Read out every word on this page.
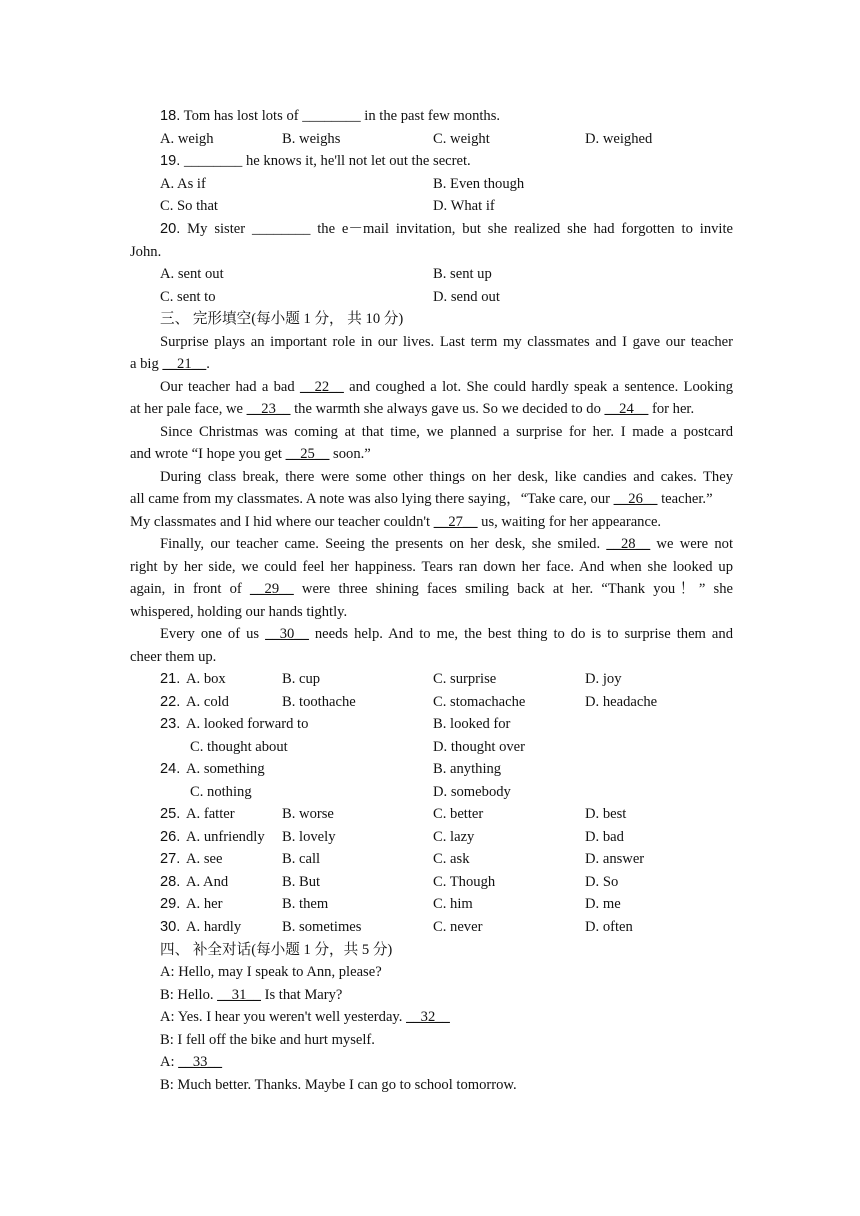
18. Tom has lost lots of ________ in the past few months.
A. weigh	B. weighs	C. weight	D. weighed
19. ________ he knows it, he'll not let out the secret.
A. As if	B. Even though
C. So that	D. What if
20. My sister ________ the e－mail invitation, but she realized she had forgotten to invite
John.
A. sent out	B. sent up
C. sent to	D. send out
三、 完形填空(每小题 1 分， 共 10 分)
Surprise plays an important role in our lives. Last term my classmates and I gave our teacher
a big __21__.
Our teacher had a bad __22__ and coughed a lot. She could hardly speak a sentence. Looking
at her pale face, we __23__ the warmth she always gave us. So we decided to do __24__ for her.
Since Christmas was coming at that time, we planned a surprise for her. I made a postcard
and wrote “I hope you get __25__ soon.”
During class break, there were some other things on her desk, like candies and cakes. They
all came from my classmates. A note was also lying there saying，“Take care, our __26__ teacher.”
My classmates and I hid where our teacher couldn't __27__ us, waiting for her appearance.
Finally, our teacher came. Seeing the presents on her desk, she smiled. __28__ we were not
right by her side, we could feel her happiness. Tears ran down her face. And when she looked up
again, in front of __29__ were three shining faces smiling back at her. “Thank you！” she
whispered, holding our hands tightly.
Every one of us __30__ needs help. And to me, the best thing to do is to surprise them and
cheer them up.
21. A. box	B. cup	C. surprise	D. joy
22. A. cold	B. toothache	C. stomachache	D. headache
23. A. looked forward to	B. looked for
C. thought about	D. thought over
24. A. something	B. anything
C. nothing	D. somebody
25. A. fatter	B. worse	C. better	D. best
26. A. unfriendly B. lovely	C. lazy	D. bad
27. A. see	B. call	C. ask	D. answer
28. A. And	B. But	C. Though	D. So
29. A. her	B. them	C. him	D. me
30. A. hardly	B. sometimes	C. never	D. often
四、 补全对话(每小题 1 分，共 5 分)
A: Hello, may I speak to Ann, please?
B: Hello. __31__ Is that Mary?
A: Yes. I hear you weren't well yesterday. __32__
B: I fell off the bike and hurt myself.
A: __33__
B: Much better. Thanks. Maybe I can go to school tomorrow.
